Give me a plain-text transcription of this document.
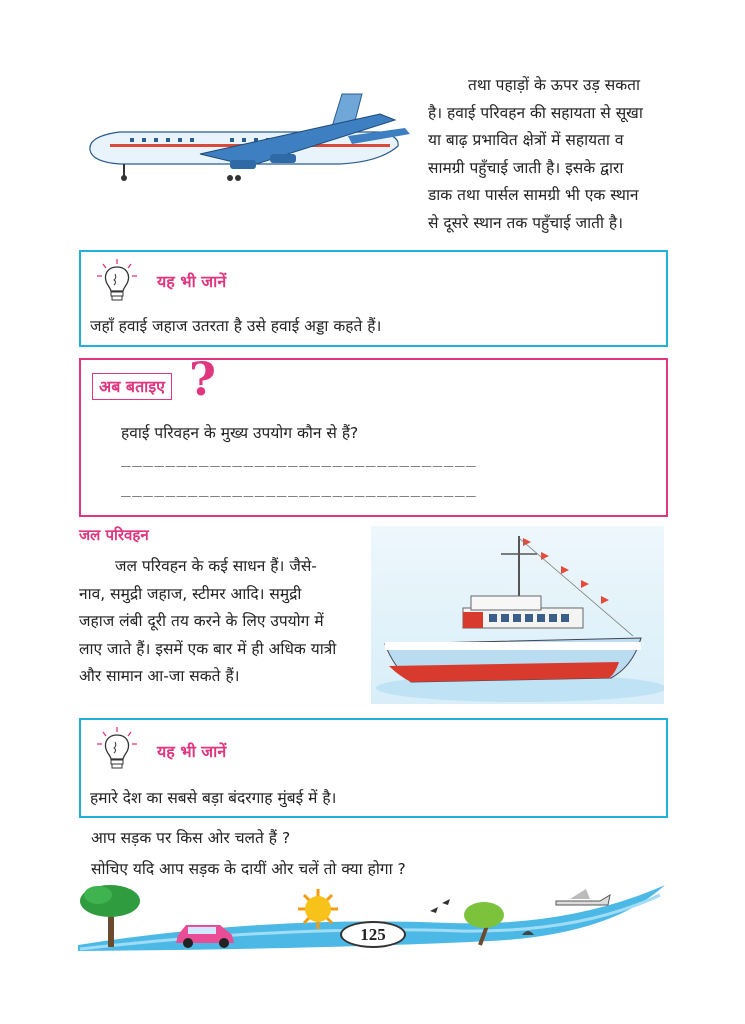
तथा पहाड़ों के ऊपर उड़ सकता
है। हवाई परिवहन की सहायता से सूखा
या बाढ़ प्रभावित क्षेत्रों में सहायता व
सामग्री पहुँचाई जाती है। इसके द्वारा
डाक तथा पार्सल सामग्री भी एक स्थान
से दूसरे स्थान तक पहुँचाई जाती है।
यह भी जानें
जहाँ हवाई जहाज उतरता है उसे हवाई अड्डा कहते हैं।
अब बताइए ?
हवाई परिवहन के मुख्य उपयोग कौन से हैं?
________________________________
________________________________
जल परिवहन
जल परिवहन के कई साधन हैं। जैसे-
नाव, समुद्री जहाज, स्टीमर आदि। समुद्री
जहाज लंबी दूरी तय करने के लिए उपयोग में
लाए जाते हैं। इसमें एक बार में ही अधिक यात्री
और सामान आ-जा सकते हैं।
यह भी जानें
हमारे देश का सबसे बड़ा बंदरगाह मुंबई में है।
आप सड़क पर किस ओर चलते हैं ?
सोचिए यदि आप सड़क के दायीं ओर चलें तो क्या होगा ?
125
